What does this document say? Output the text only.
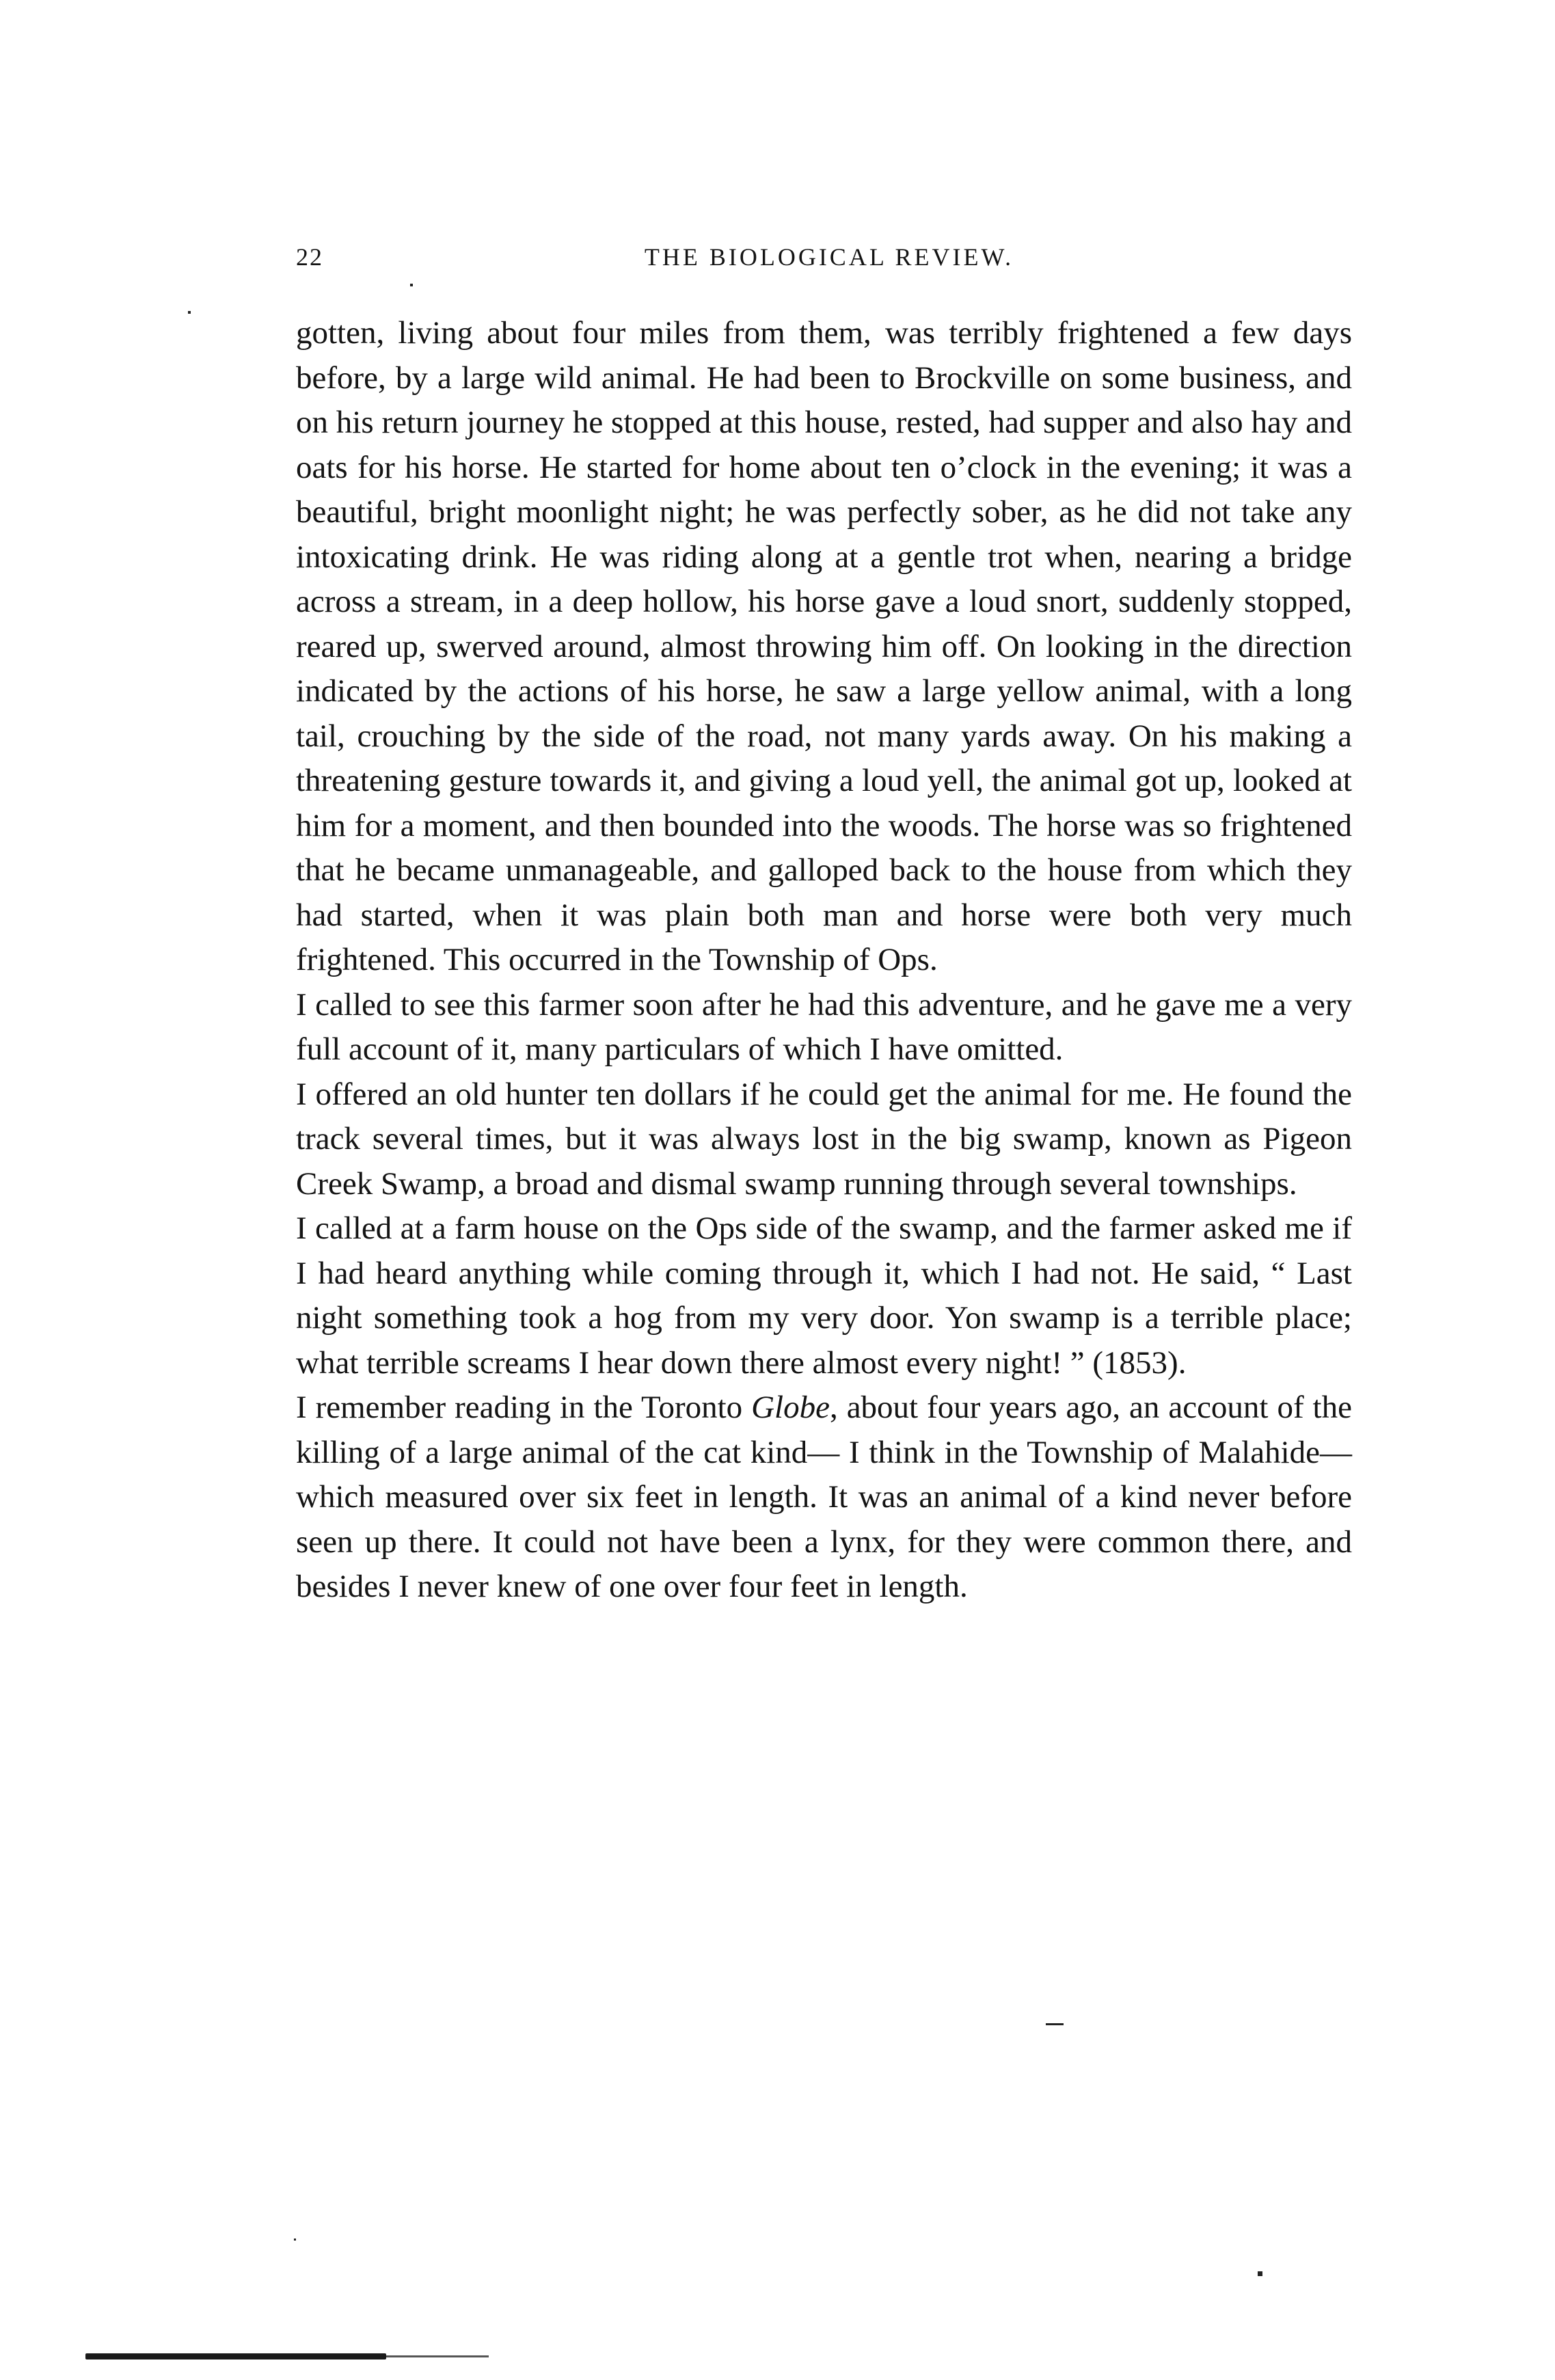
22	THE BIOLOGICAL REVIEW.

gotten, living about four miles from them, was terribly frightened a few days before, by a large wild animal. He had been to Brockville on some business, and on his return journey he stopped at this house, rested, had supper and also hay and oats for his horse. He started for home about ten o’clock in the evening; it was a beautiful, bright moonlight night; he was perfectly sober, as he did not take any intoxicating drink. He was riding along at a gentle trot when, nearing a bridge across a stream, in a deep hollow, his horse gave a loud snort, suddenly stopped, reared up, swerved around, almost throwing him off. On looking in the direction indicated by the actions of his horse, he saw a large yellow animal, with a long tail, crouching by the side of the road, not many yards away. On his making a threatening gesture towards it, and giving a loud yell, the animal got up, looked at him for a moment, and then bounded into the woods. The horse was so frightened that he became unmanageable, and galloped back to the house from which they had started, when it was plain both man and horse were both very much frightened. This occurred in the Township of Ops.

I called to see this farmer soon after he had this adventure, and he gave me a very full account of it, many particulars of which I have omitted.

I offered an old hunter ten dollars if he could get the animal for me. He found the track several times, but it was always lost in the big swamp, known as Pigeon Creek Swamp, a broad and dismal swamp running through several townships.

I called at a farm house on the Ops side of the swamp, and the farmer asked me if I had heard anything while coming through it, which I had not. He said, “ Last night something took a hog from my very door. Yon swamp is a terrible place; what terrible screams I hear down there almost every night! ” (1853).

I remember reading in the Toronto Globe, about four years ago, an account of the killing of a large animal of the cat kind— I think in the Township of Malahide—which measured over six feet in length. It was an animal of a kind never before seen up there. It could not have been a lynx, for they were common there, and besides I never knew of one over four feet in length.
